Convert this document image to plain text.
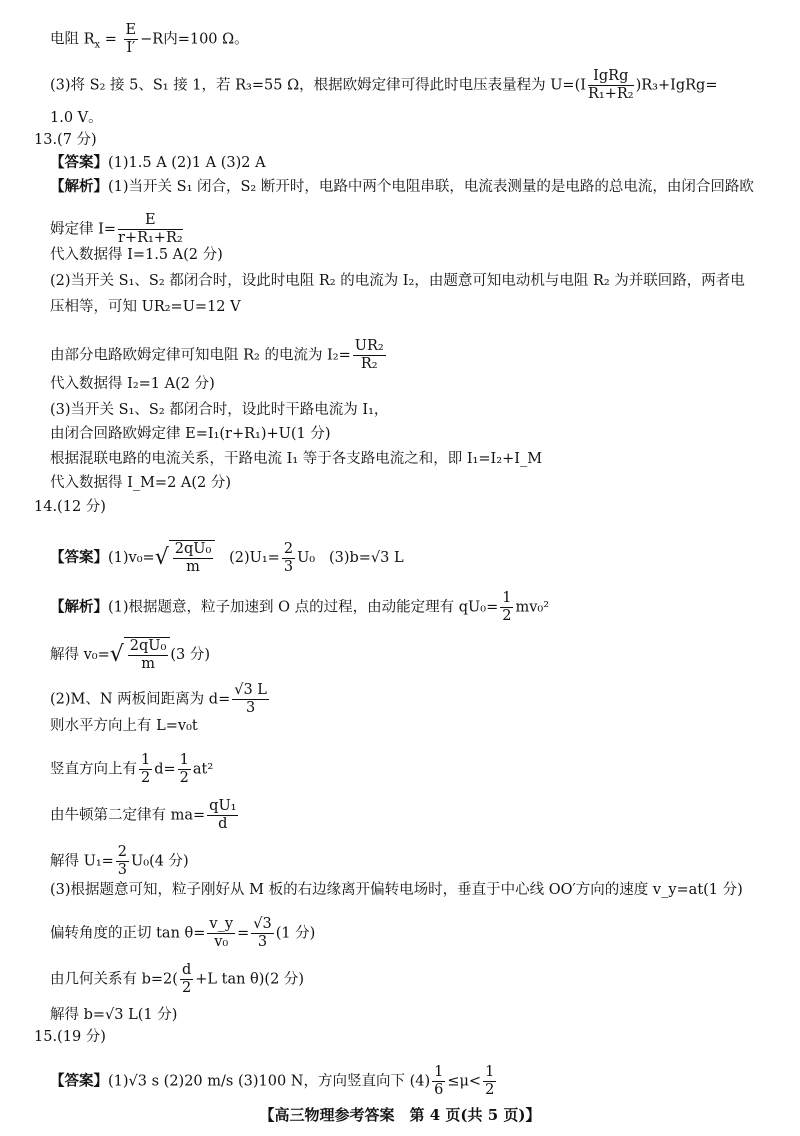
电阻 $R_x = \frac{E}{I'} -R$内=100 Ω。
(3)将 S₂ 接 5、S₁ 接 1，若 R₃=55 Ω，根据欧姆定律可得此时电压表量程为 U=(I
IgRg
R₁+R₂
)R₃+IgRg=
1.0 V。
13.(7 分)
【答案】(1)1.5 A (2)1 A (3)2 A
【解析】(1)当开关 S₁ 闭合，S₂ 断开时，电路中两个电阻串联，电流表测量的是电路的总电流，由闭合回路欧
姆定律 $I= \frac{E}{\text{r+R₁+R₂}}$
代入数据得 I=1.5 A(2 分)
(2)当开关 S₁、S₂ 都闭合时，设此时电阻 R₂ 的电流为 I₂，由题意可知电动机与电阻 R₂ 为并联回路，两者电
压相等，可知 UR₂=U=12 V
由部分电路欧姆定律可知电阻 R₂ 的电流为 $I_2= \frac{\text{UR₂}}{\text{R₂}}$
代入数据得 I₂=1 A(2 分)
(3)当开关 S₁、S₂ 都闭合时，设此时干路电流为 I₁，
由闭合回路欧姆定律 E=I₁(r+R₁)+U(1 分)
根据混联电路的电流关系，干路电流 I₁ 等于各支路电流之和，即 I₁=I₂+I_M
代入数据得 I_M=2 A(2 分)
14.(12 分)
【答案】$(1)v_0=√ \frac{\text{2qU₀}}{m} (2)U_1= \frac{2}{3} U_0$ (3)b=√3 L
【解析】(1)根据题意，粒子加速到 O 点的过程，由动能定理有 $qU_0= \frac{1}{2} mv_0^2$
解得 $v_0=√ \frac{\text{2qU₀}}{m} (3$ 分)
(2)M、N 两板间距离为 $d= \frac{√3 L}{3}$
则水平方向上有 L=v₀t
竖直方向上有 $\frac{1}{2} d= \frac{1}{2} at^2$
由牛顿第二定律有 $ma= \frac{\text{qU₁}}{d}$
解得 $U_1= \frac{2}{3} U_0(4$ 分)
(3)根据题意可知，粒子刚好从 M 板的右边缘离开偏转电场时，垂直于中心线 OO′方向的速度 v_y=at(1 分)
偏转角度的正切 $\tan \theta= \frac{v\_y}{\text{v₀}} = \frac{√3}{3} (1$ 分)
由几何关系有 $b=2( \frac{d}{2} +L$ tan θ)(2 分)
解得 b=√3 L(1 分)
15.(19 分)
【答案】(1)√3 s (2)20 m/s (3)100 N，方向竖直向下 $(4) \frac{1}{6} \le\mu< \frac{1}{2}$
【高三物理参考答案　第 4 页(共 5 页)】
